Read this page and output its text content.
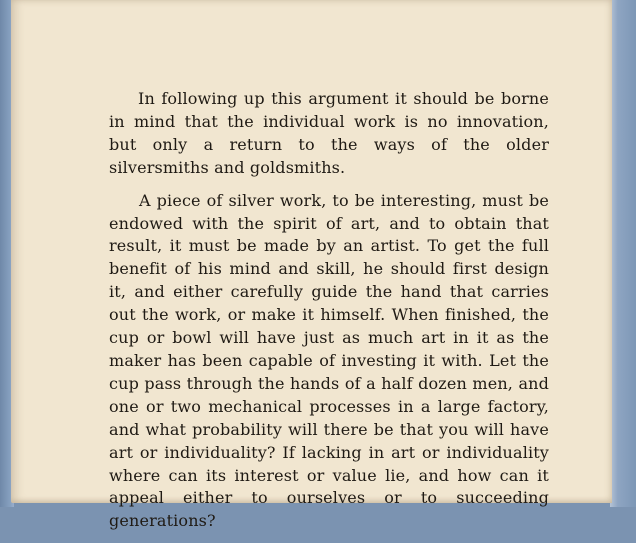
In following up this argument it should be borne in mind that the individual work is no innovation, but only a return to the ways of the older silversmiths and goldsmiths.

A piece of silver work, to be interesting, must be endowed with the spirit of art, and to obtain that result, it must be made by an artist. To get the full benefit of his mind and skill, he should first design it, and either carefully guide the hand that carries out the work, or make it himself. When finished, the cup or bowl will have just as much art in it as the maker has been capable of investing it with. Let the cup pass through the hands of a half dozen men, and one or two mechanical processes in a large factory, and what probability will there be that you will have art or individuality? If lacking in art or individuality where can its interest or value lie, and how can it appeal either to ourselves or to succeeding generations?
